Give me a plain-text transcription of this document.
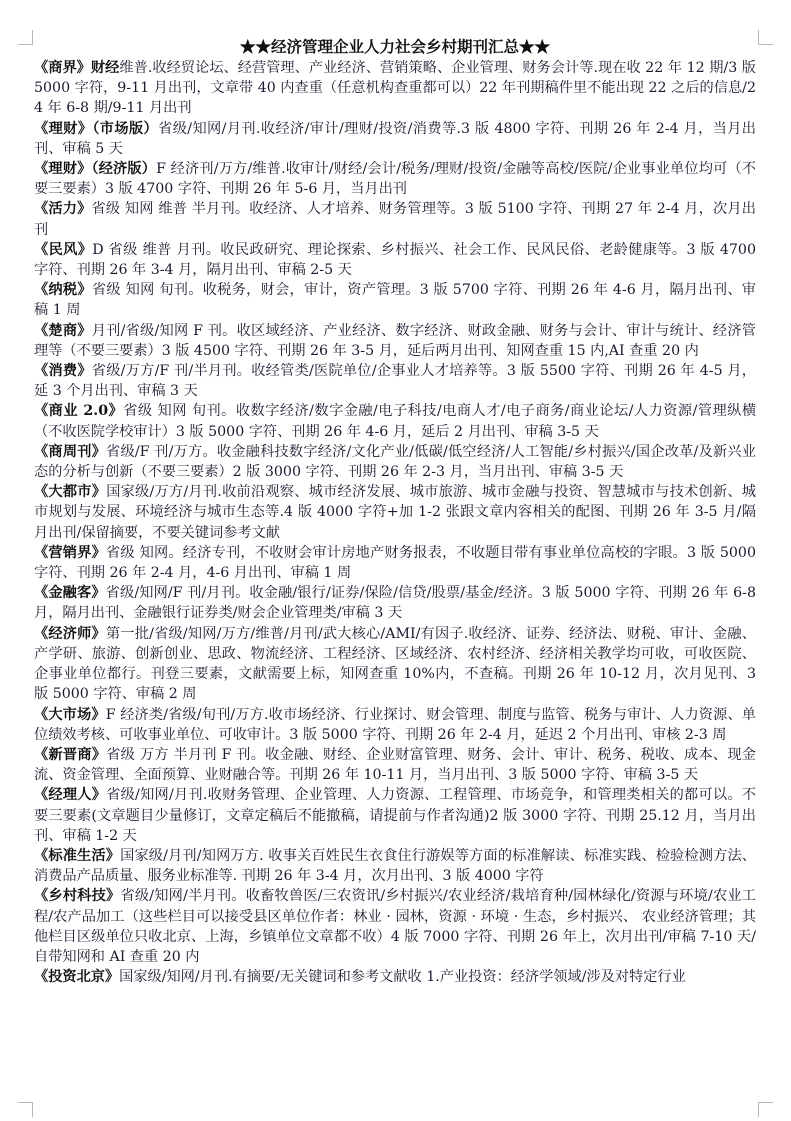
★★经济管理企业人力社会乡村期刊汇总★★

《商界》财经维普.收经贸论坛、经营管理、产业经济、营销策略、企业管理、财务会计等.现在收 22 年 12 期/3 版 5000 字符，9-11 月出刊，文章带 40 内查重（任意机构查重都可以）22 年刊期稿件里不能出现 22 之后的信息/24 年 6-8 期/9-11 月出刊

《理财》（市场版）省级/知网/月刊.收经济/审计/理财/投资/消费等.3 版 4800 字符、刊期 26 年 2-4 月，当月出刊、审稿 5 天

《理财》（经济版）F 经济刊/万方/维普.收审计/财经/会计/税务/理财/投资/金融等高校/医院/企业事业单位均可（不要三要素）3 版 4700 字符、刊期 26 年 5-6 月，当月出刊

《活力》省级 知网 维普 半月刊。收经济、人才培养、财务管理等。3 版 5100 字符、刊期 27 年 2-4 月，次月出刊

《民风》D 省级 维普 月刊。收民政研究、理论探索、乡村振兴、社会工作、民风民俗、老龄健康等。3 版 4700 字符、刊期 26 年 3-4 月，隔月出刊、审稿 2-5 天

《纳税》省级 知网 旬刊。收税务，财会，审计，资产管理。3 版 5700 字符、刊期 26 年 4-6 月，隔月出刊、审稿 1 周

《楚商》月刊/省级/知网 F 刊。收区域经济、产业经济、数字经济、财政金融、财务与会计、审计与统计、经济管理等（不要三要素）3 版 4500 字符、刊期 26 年 3-5 月，延后两月出刊、知网查重 15 内,AI 查重 20 内

《消费》省级/万方/F 刊/半月刊。收经管类/医院单位/企事业人才培养等。3 版 5500 字符、刊期 26 年 4-5 月，延 3 个月出刊、审稿 3 天

《商业 2.0》省级 知网 旬刊。收数字经济/数字金融/电子科技/电商人才/电子商务/商业论坛/人力资源/管理纵横（不收医院学校审计）3 版 5000 字符、刊期 26 年 4-6 月，延后 2 月出刊、审稿 3-5 天

《商周刊》省级/F 刊/万方。收金融科技数字经济/文化产业/低碳/低空经济/人工智能/乡村振兴/国企改革/及新兴业态的分析与创新（不要三要素）2 版 3000 字符、刊期 26 年 2-3 月，当月出刊、审稿 3-5 天

《大都市》国家级/万方/月刊.收前沿观察、城市经济发展、城市旅游、城市金融与投资、智慧城市与技术创新、城市规划与发展、环境经济与城市生态等.4 版 4000 字符+加 1-2 张跟文章内容相关的配图、刊期 26 年 3-5 月/隔月出刊/保留摘要，不要关键词参考文献

《营销界》省级 知网。经济专刊，不收财会审计房地产财务报表，不收题目带有事业单位高校的字眼。3 版 5000 字符、刊期 26 年 2-4 月，4-6 月出刊、审稿 1 周

《金融客》省级/知网/F 刊/月刊。收金融/银行/证券/保险/信贷/股票/基金/经济。3 版 5000 字符、刊期 26 年 6-8 月，隔月出刊、金融银行证券类/财会企业管理类/审稿 3 天

《经济师》第一批/省级/知网/万方/维普/月刊/武大核心/AMI/有因子.收经济、证券、经济法、财税、审计、金融、产学研、旅游、创新创业、思政、物流经济、工程经济、区域经济、农村经济、经济相关教学均可收，可收医院、企事业单位都行。刊登三要素，文献需要上标，知网查重 10%内，不查稿。刊期 26 年 10-12 月，次月见刊、3 版 5000 字符、审稿 2 周

《大市场》F 经济类/省级/旬刊/万方.收市场经济、行业探讨、财会管理、制度与监管、税务与审计、人力资源、单位绩效考核、可收事业单位、可收审计。3 版 5000 字符、刊期 26 年 2-4 月，延迟 2 个月出刊、审核 2-3 周

《新晋商》省级 万方 半月刊 F 刊。收金融、财经、企业财富管理、财务、会计、审计、税务、税收、成本、现金流、资金管理、全面预算、业财融合等。刊期 26 年 10-11 月，当月出刊、3 版 5000 字符、审稿 3-5 天

《经理人》省级/知网/月刊.收财务管理、企业管理、人力资源、工程管理、市场竞争，和管理类相关的都可以。不要三要素(文章题目少量修订，文章定稿后不能撤稿，请提前与作者沟通)2 版 3000 字符、刊期 25.12 月，当月出刊、审稿 1-2 天

《标准生活》国家级/月刊/知网万方. 收事关百姓民生衣食住行游娱等方面的标准解读、标准实践、检验检测方法、消费品产品质量、服务业标准等. 刊期 26 年 3-4 月，次月出刊、3 版 4000 字符

《乡村科技》省级/知网/半月刊。收畜牧兽医/三农资讯/乡村振兴/农业经济/栽培育种/园林绿化/资源与环境/农业工程/农产品加工（这些栏目可以接受县区单位作者：林业 · 园林，资源 · 环境 · 生态，乡村振兴、 农业经济管理；其他栏目区级单位只收北京、上海，乡镇单位文章都不收）4 版 7000 字符、刊期 26 年上，次月出刊/审稿 7-10 天/自带知网和 AI 查重 20 内

《投资北京》国家级/知网/月刊.有摘要/无关键词和参考文献收 1.产业投资：经济学领域/涉及对特定行业
